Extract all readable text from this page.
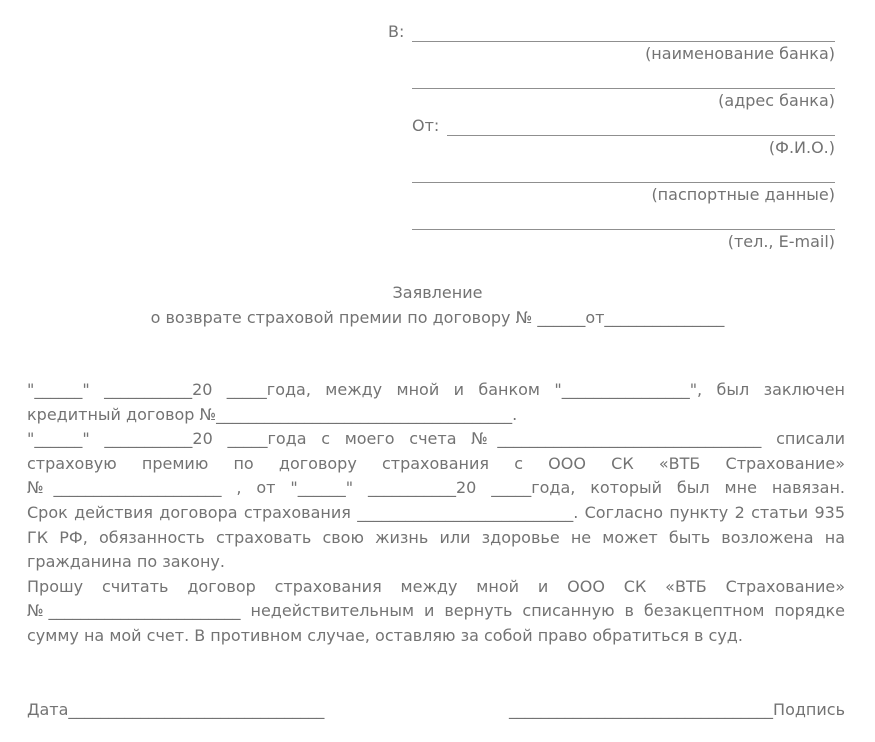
В:
(наименование банка)
(адрес банка)
От:
(Ф.И.О.)
(паспортные данные)
(тел., E-mail)
Заявление
о возврате страховой премии по договору № ______от_______________
"______" ___________20 _____года, между мной и банком "________________", был заключен
кредитный договор №_____________________________________.
"______" ___________20 _____года с моего счета №_________________________________ списали
страховую премию по договору страхования с ООО СК «ВТБ Страхование»
№_____________________ , от "______" ___________20 _____года, который был мне навязан.
Срок действия договора страхования ___________________________. Согласно пункту 2 статьи 935
ГК РФ, обязанность страховать свою жизнь или здоровье не может быть возложена на
гражданина по закону.
Прошу считать договор страхования между мной и ООО СК «ВТБ Страхование»
№________________________ недействительным и вернуть списанную в безакцептном порядке
сумму на мой счет. В противном случае, оставляю за собой право обратиться в суд.
Дата________________________________	_________________________________Подпись
